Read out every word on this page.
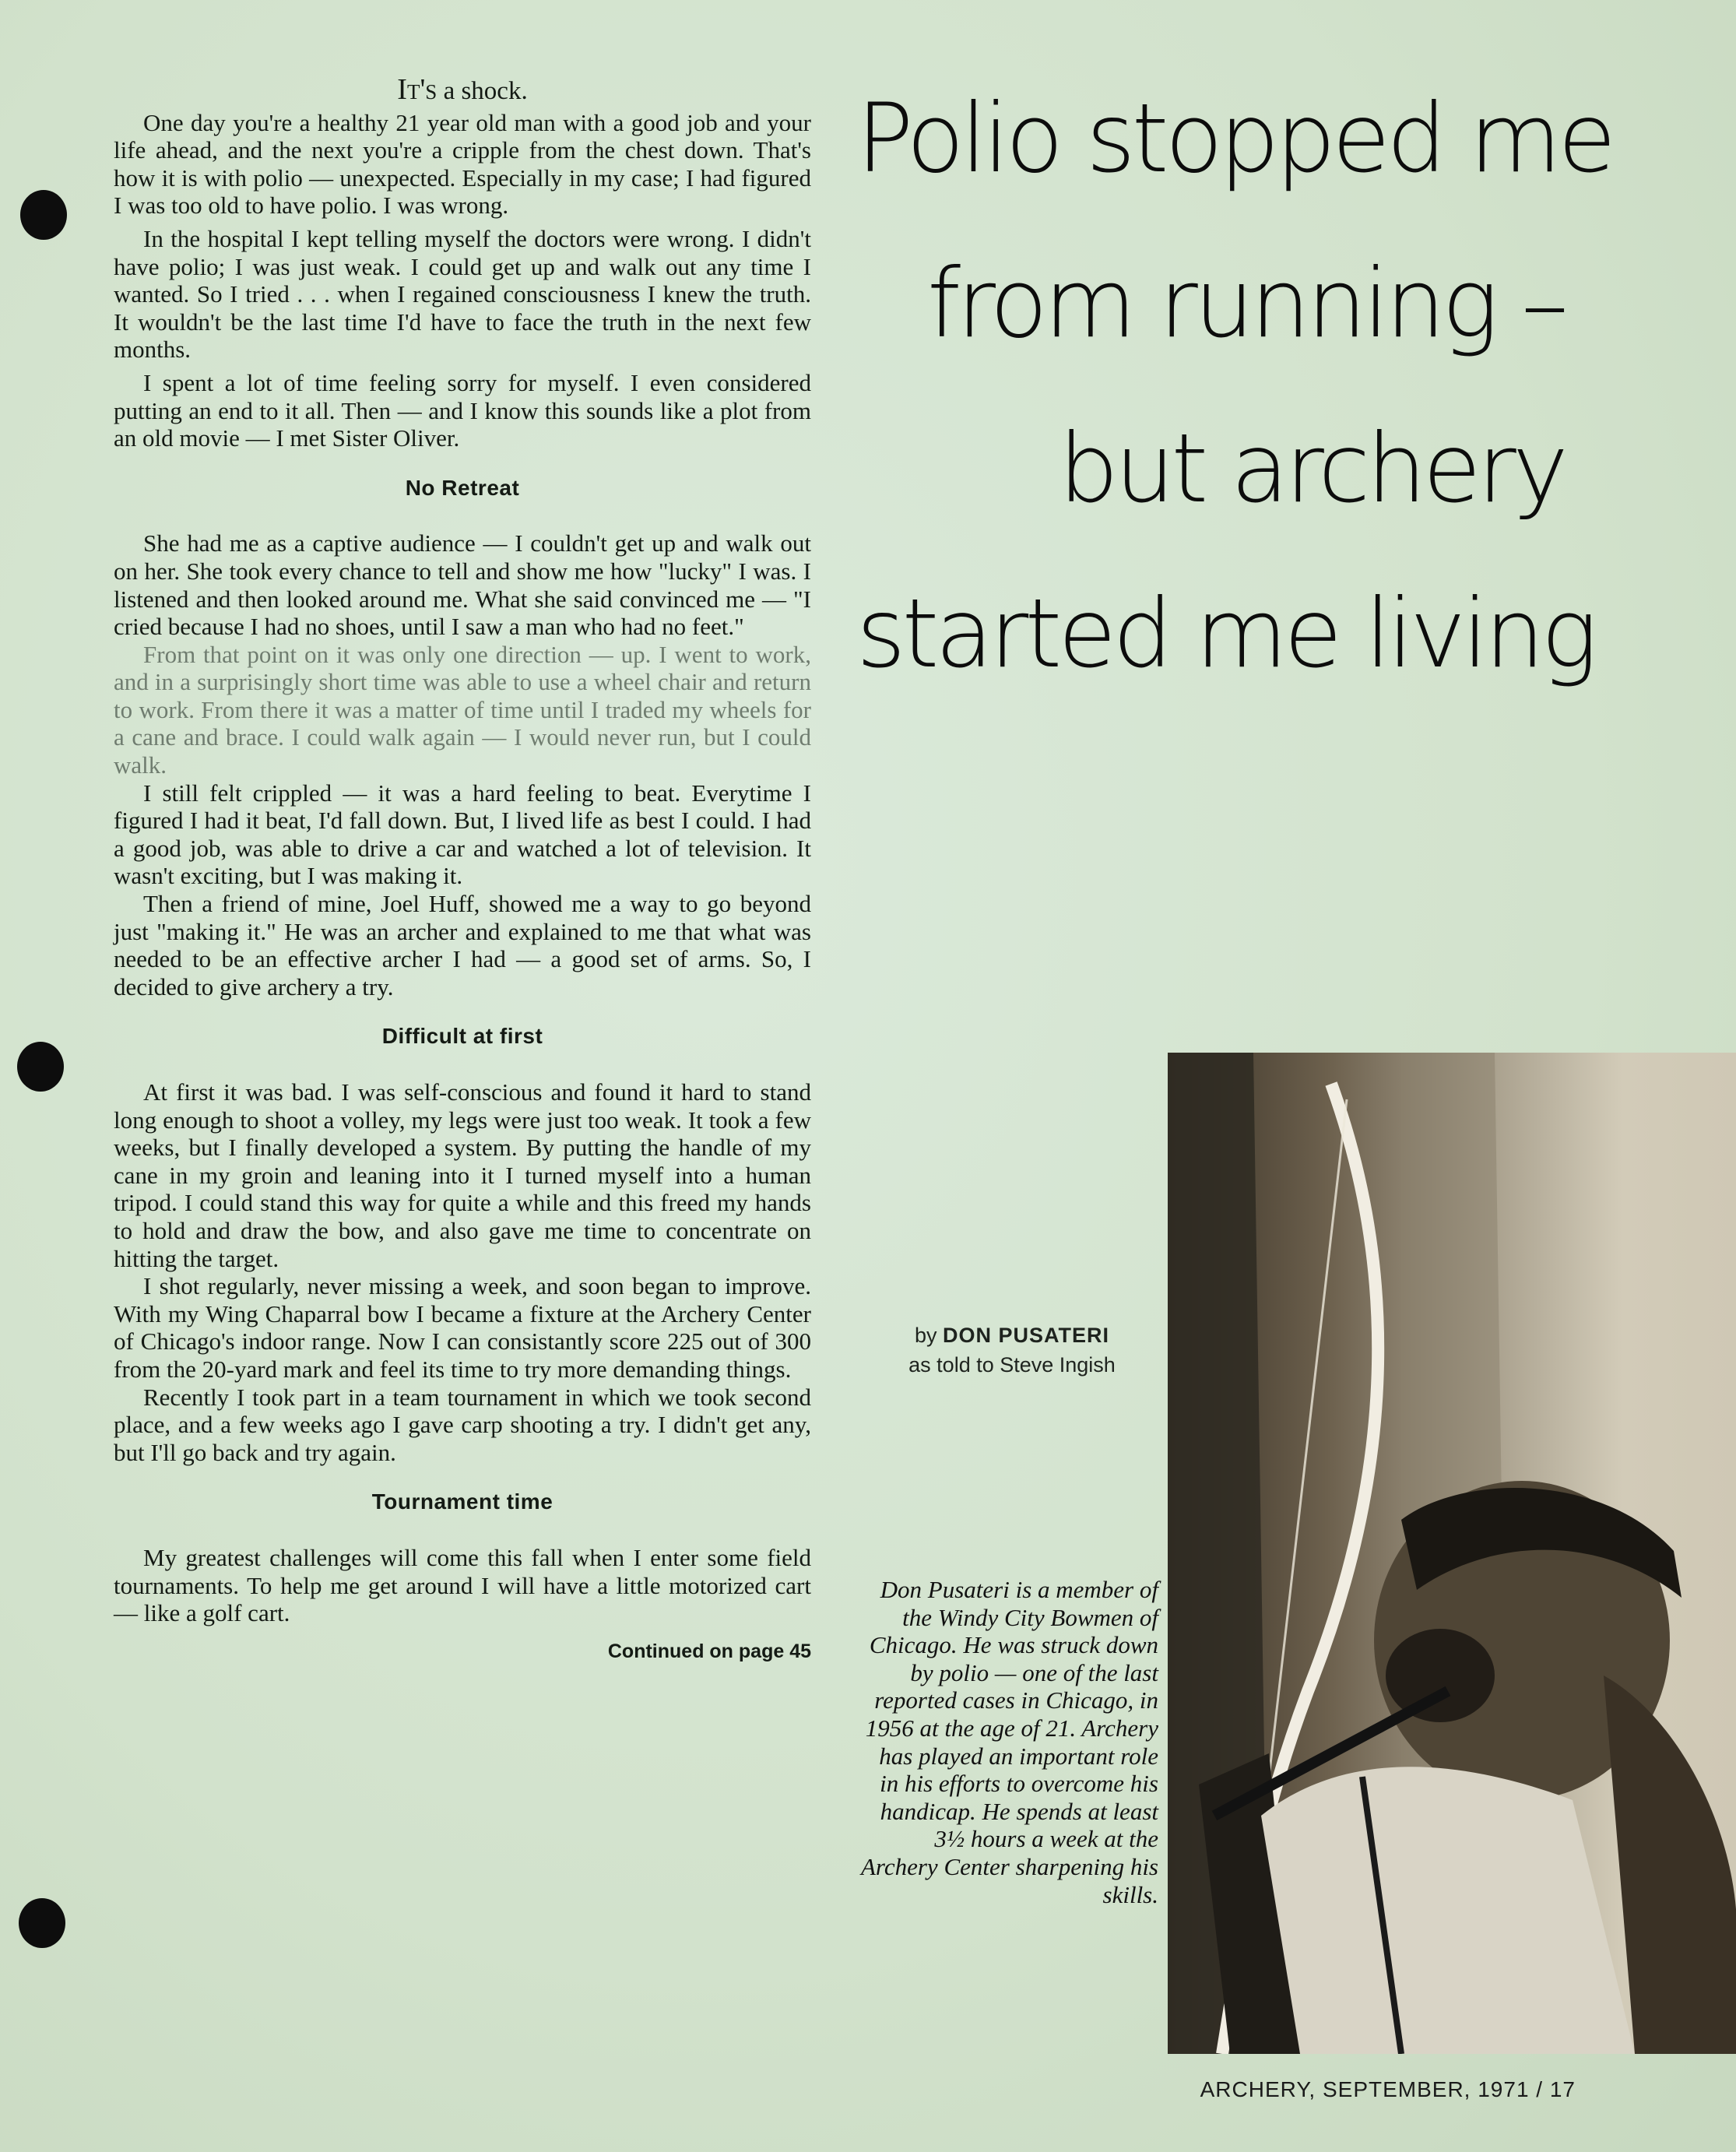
It's a shock.

One day you're a healthy 21 year old man with a good job and your life ahead, and the next you're a cripple from the chest down. That's how it is with polio — unexpected. Especially in my case; I had figured I was too old to have polio. I was wrong.

In the hospital I kept telling myself the doctors were wrong. I didn't have polio; I was just weak. I could get up and walk out any time I wanted. So I tried . . . when I regained consciousness I knew the truth. It wouldn't be the last time I'd have to face the truth in the next few months.

I spent a lot of time feeling sorry for myself. I even considered putting an end to it all. Then — and I know this sounds like a plot from an old movie — I met Sister Oliver.

No Retreat

She had me as a captive audience — I couldn't get up and walk out on her. She took every chance to tell and show me how "lucky" I was. I listened and then looked around me. What she said convinced me — "I cried because I had no shoes, until I saw a man who had no feet."

From that point on it was only one direction — up. I went to work, and in a surprisingly short time was able to use a wheel chair and return to work. From there it was a matter of time until I traded my wheels for a cane and brace. I could walk again — I would never run, but I could walk.

I still felt crippled — it was a hard feeling to beat. Everytime I figured I had it beat, I'd fall down. But, I lived life as best I could. I had a good job, was able to drive a car and watched a lot of television. It wasn't exciting, but I was making it.

Then a friend of mine, Joel Huff, showed me a way to go beyond just "making it." He was an archer and explained to me that what was needed to be an effective archer I had — a good set of arms. So, I decided to give archery a try.

Difficult at first

At first it was bad. I was self-conscious and found it hard to stand long enough to shoot a volley, my legs were just too weak. It took a few weeks, but I finally developed a system. By putting the handle of my cane in my groin and leaning into it I turned myself into a human tripod. I could stand this way for quite a while and this freed my hands to hold and draw the bow, and also gave me time to concentrate on hitting the target.

I shot regularly, never missing a week, and soon began to improve. With my Wing Chaparral bow I became a fixture at the Archery Center of Chicago's indoor range. Now I can consistantly score 225 out of 300 from the 20-yard mark and feel its time to try more demanding things.

Recently I took part in a team tournament in which we took second place, and a few weeks ago I gave carp shooting a try. I didn't get any, but I'll go back and try again.

Tournament time

My greatest challenges will come this fall when I enter some field tournaments. To help me get around I will have a little motorized cart — like a golf cart.

Continued on page 45
Polio stopped me
from running –
but archery
started me living
by DON PUSATERI
as told to Steve Ingish
Don Pusateri is a member of the Windy City Bowmen of Chicago. He was struck down by polio — one of the last reported cases in Chicago, in 1956 at the age of 21. Archery has played an important role in his efforts to overcome his handicap. He spends at least 3½ hours a week at the Archery Center sharpening his skills.
ARCHERY, SEPTEMBER, 1971 / 17
